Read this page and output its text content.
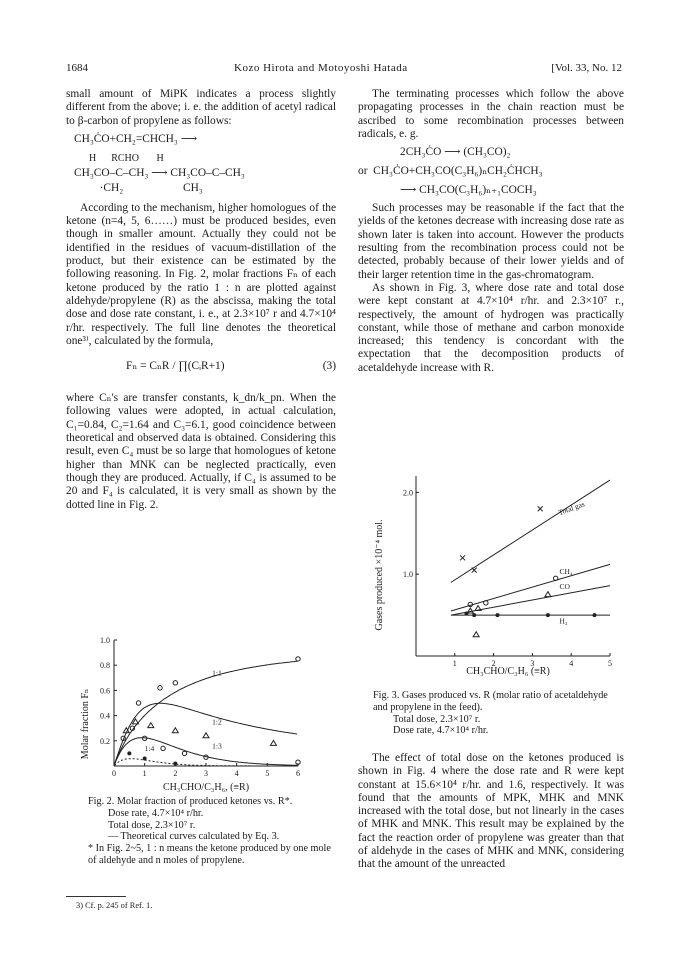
1684	Kozo Hirota and Motoyoshi Hatada	[Vol. 33, No. 12

small amount of MiPK indicates a process slightly different from the above; i. e. the addition of acetyl radical to β-carbon of propylene as follows:

CH₃ĊO+CH₂=CHCH₃ ⟶
H      RCHO       H
CH₃CO–C–CH₃ ⟶ CH₃CO–C–CH₃
·CH₂                     CH₃

According to the mechanism, higher homologues of the ketone (n=4, 5, 6……) must be produced besides, even though in smaller amount. Actually they could not be identified in the residues of vacuum-distillation of the product, but their existence can be estimated by the following reasoning. In Fig. 2, molar fractions Fₙ of each ketone produced by the ratio 1 : n are plotted against aldehyde/propylene (R) as the abscissa, making the total dose and dose rate constant, i. e., at 2.3×10⁷ r and 4.7×10⁴ r/hr. respectively. The full line denotes the theoretical one³⁾, calculated by the formula,

Fₙ = CₙR / ∏(CᵢR+1)	(3)

where Cₙ's are transfer constants, k_dn/k_pn. When the following values were adopted, in actual calculation, C₁=0.84, C₂=1.64 and C₃=6.1, good coincidence between theoretical and observed data is obtained. Considering this result, even C₄ must be so large that homologues of ketone higher than MNK can be neglected practically, even though they are produced. Actually, if C₄ is assumed to be 20 and F₄ is calculated, it is very small as shown by the dotted line in Fig. 2.

The terminating processes which follow the above propagating processes in the chain reaction must be ascribed to some recombination processes between radicals, e. g.

2CH₃ĊO ⟶ (CH₃CO)₂
or  CH₃ĊO+CH₃CO(C₃H₆)ₙCH₂ĊHCH₃
⟶ CH₃CO(C₃H₆)ₙ₊₁COCH₃

Such processes may be reasonable if the fact that the yields of the ketones decrease with increasing dose rate as shown later is taken into account. However the products resulting from the recombination process could not be detected, probably because of their lower yields and of their larger retention time in the gas-chromatogram.

As shown in Fig. 3, where dose rate and total dose were kept constant at 4.7×10⁴ r/hr. and 2.3×10⁷ r., respectively, the amount of hydrogen was practically constant, while those of methane and carbon monoxide increased; this tendency is concordant with the expectation that the decomposition products of acetaldehyde increase with R.

Molar fraction Fₙ
CH₃CHO/C₃H₆, (≡R)
0	1	2	3	4	5	6
0.2
0.4
0.6
0.8
1.0
1:1
1:2
1:3
1:4
Fig. 2. Molar fraction of produced ketones vs. R*.
Dose rate, 4.7×10⁴ r/hr.
Total dose, 2.3×10⁷ r.
— Theoretical curves calculated by Eq. 3.
* In Fig. 2~5, 1 : n means the ketone produced by one mole of aldehyde and n moles of propylene.
3) Cf. p. 245 of Ref. 1.
Gases produced ×10⁻⁴ mol.
CH₃CHO/C₃H₆ (≡R)
1	2	3	4	5
1.0
2.0
Total gas
CH₄
CO
H₂
Fig. 3. Gases produced vs. R (molar ratio of acetaldehyde and propylene in the feed).
Total dose, 2.3×10⁷ r.
Dose rate, 4.7×10⁴ r/hr.

The effect of total dose on the ketones produced is shown in Fig. 4 where the dose rate and R were kept constant at 15.6×10⁴ r/hr. and 1.6, respectively. It was found that the amounts of MPK, MHK and MNK increased with the total dose, but not linearly in the cases of MHK and MNK. This result may be explained by the fact the reaction order of propylene was greater than that of aldehyde in the cases of MHK and MNK, considering that the amount of the unreacted
